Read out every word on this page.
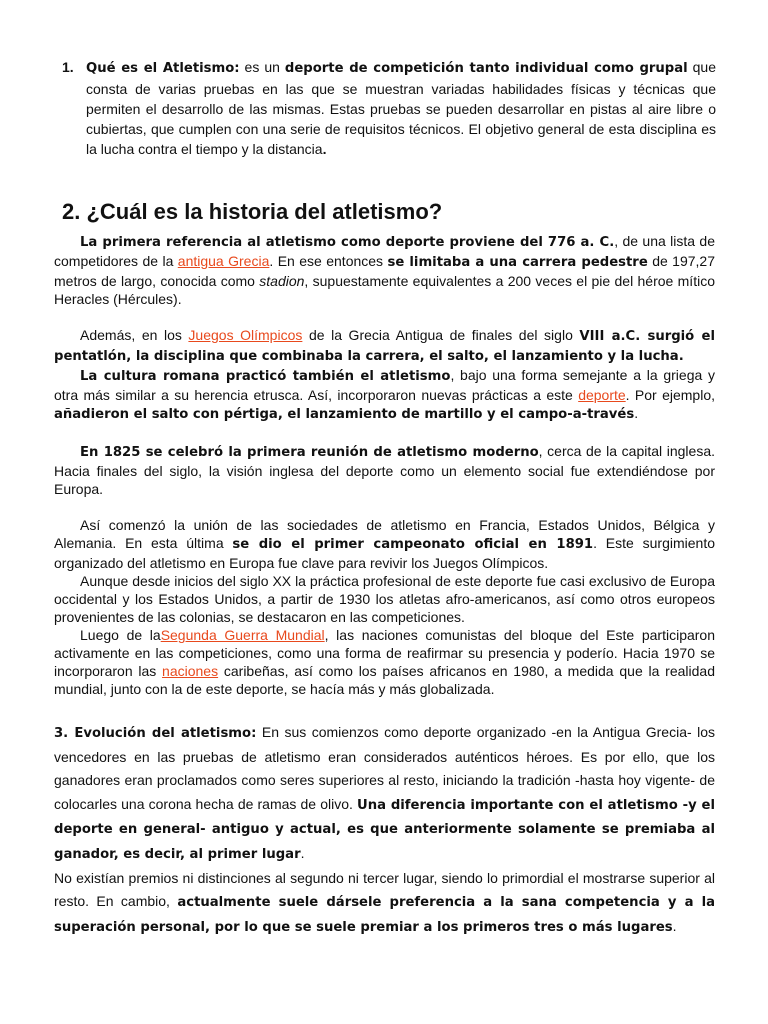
1. Qué es el Atletismo: es un deporte de competición tanto individual como grupal que consta de varias pruebas en las que se muestran variadas habilidades físicas y técnicas que permiten el desarrollo de las mismas. Estas pruebas se pueden desarrollar en pistas al aire libre o cubiertas, que cumplen con una serie de requisitos técnicos. El objetivo general de esta disciplina es la lucha contra el tiempo y la distancia.
2. ¿Cuál es la historia del atletismo?

La primera referencia al atletismo como deporte proviene del 776 a. C., de una lista de competidores de la antigua Grecia. En ese entonces se limitaba a una carrera pedestre de 197,27 metros de largo, conocida como stadion, supuestamente equivalentes a 200 veces el pie del héroe mítico Heracles (Hércules).

Además, en los Juegos Olímpicos de la Grecia Antigua de finales del siglo VIII a.C. surgió el pentatlón, la disciplina que combinaba la carrera, el salto, el lanzamiento y la lucha.

La cultura romana practicó también el atletismo, bajo una forma semejante a la griega y otra más similar a su herencia etrusca. Así, incorporaron nuevas prácticas a este deporte. Por ejemplo, añadieron el salto con pértiga, el lanzamiento de martillo y el campo-a-través.

En 1825 se celebró la primera reunión de atletismo moderno, cerca de la capital inglesa. Hacia finales del siglo, la visión inglesa del deporte como un elemento social fue extendiéndose por Europa.

Así comenzó la unión de las sociedades de atletismo en Francia, Estados Unidos, Bélgica y Alemania. En esta última se dio el primer campeonato oficial en 1891. Este surgimiento organizado del atletismo en Europa fue clave para revivir los Juegos Olímpicos.

Aunque desde inicios del siglo XX la práctica profesional de este deporte fue casi exclusivo de Europa occidental y los Estados Unidos, a partir de 1930 los atletas afro-americanos, así como otros europeos provenientes de las colonias, se destacaron en las competiciones.

Luego de laSegunda Guerra Mundial, las naciones comunistas del bloque del Este participaron activamente en las competiciones, como una forma de reafirmar su presencia y poderío. Hacia 1970 se incorporaron las naciones caribeñas, así como los países africanos en 1980, a medida que la realidad mundial, junto con la de este deporte, se hacía más y más globalizada.

3. Evolución del atletismo: En sus comienzos como deporte organizado -en la Antigua Grecia- los vencedores en las pruebas de atletismo eran considerados auténticos héroes. Es por ello, que los ganadores eran proclamados como seres superiores al resto, iniciando la tradición -hasta hoy vigente- de colocarles una corona hecha de ramas de olivo. Una diferencia importante con el atletismo -y el deporte en general- antiguo y actual, es que anteriormente solamente se premiaba al ganador, es decir, al primer lugar.

No existían premios ni distinciones al segundo ni tercer lugar, siendo lo primordial el mostrarse superior al resto. En cambio, actualmente suele dársele preferencia a la sana competencia y a la superación personal, por lo que se suele premiar a los primeros tres o más lugares.
